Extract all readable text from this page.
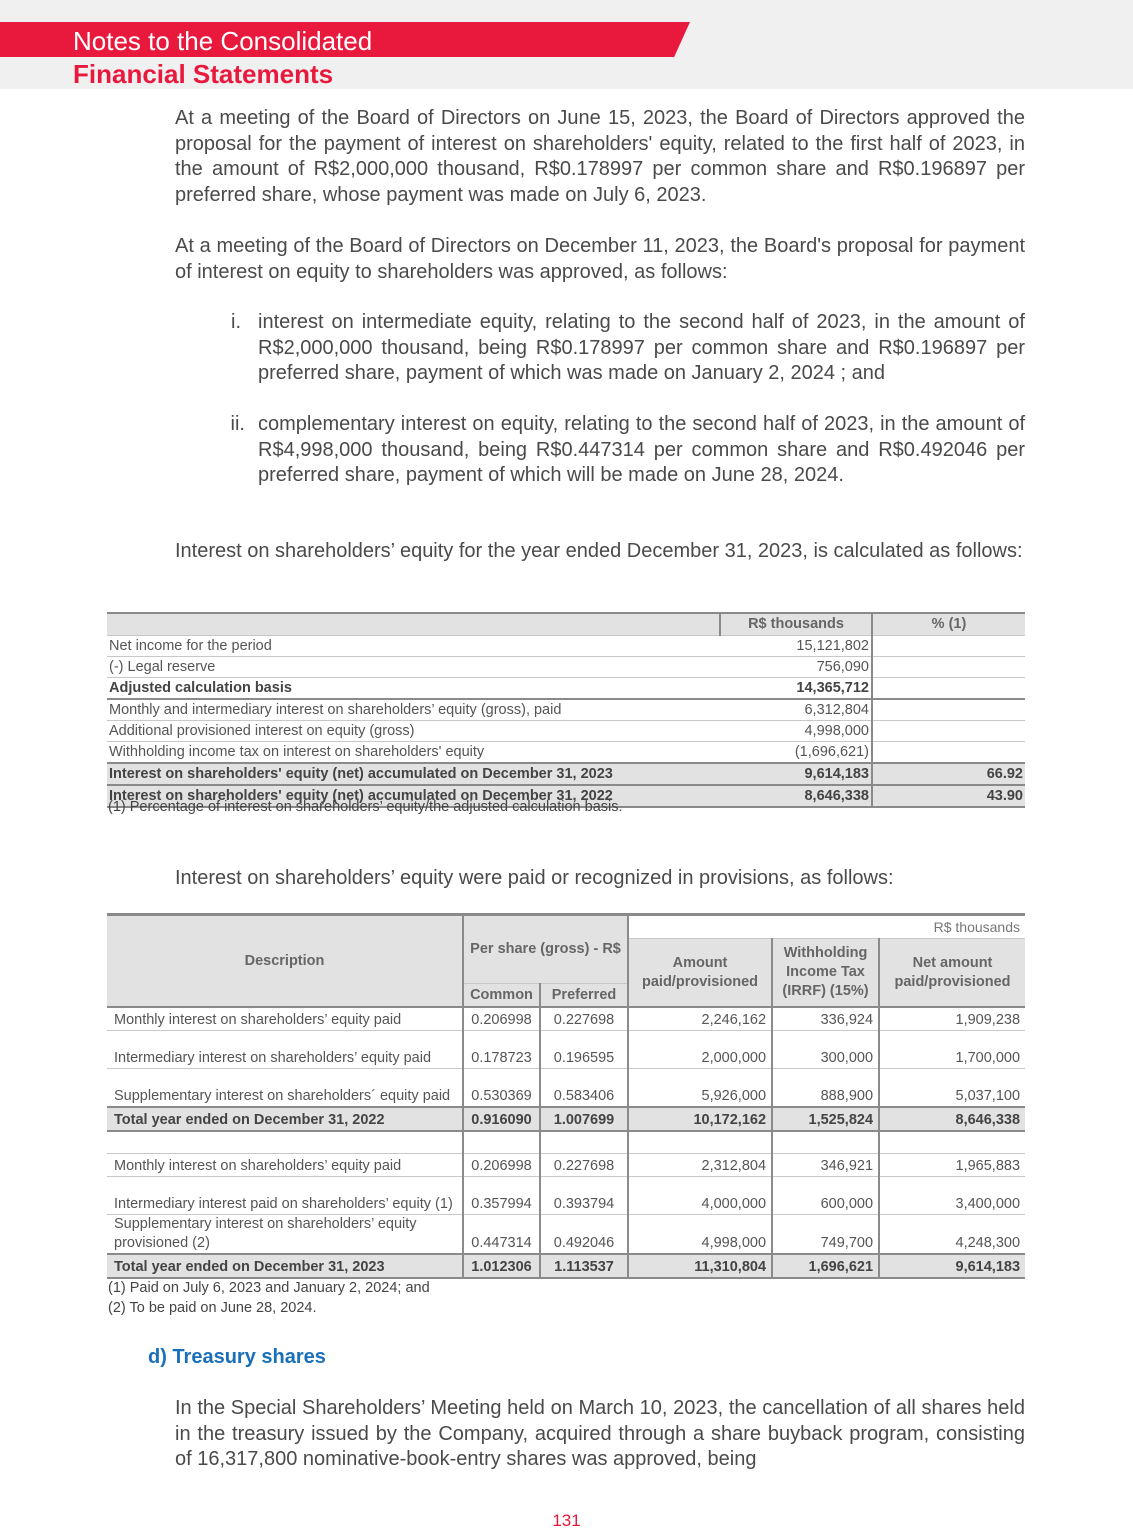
Notes to the Consolidated
Financial Statements

At a meeting of the Board of Directors on June 15, 2023, the Board of Directors approved the proposal for the payment of interest on shareholders' equity, related to the first half of 2023, in the amount of R$2,000,000 thousand, R$0.178997 per common share and R$0.196897 per preferred share, whose payment was made on July 6, 2023.

At a meeting of the Board of Directors on December 11, 2023, the Board's proposal for payment of interest on equity to shareholders was approved, as follows:

i. interest on intermediate equity, relating to the second half of 2023, in the amount of R$2,000,000 thousand, being R$0.178997 per common share and R$0.196897 per preferred share, payment of which was made on January 2, 2024 ; and

ii. complementary interest on equity, relating to the second half of 2023, in the amount of R$4,998,000 thousand, being R$0.447314 per common share and R$0.492046 per preferred share, payment of which will be made on June 28, 2024.

Interest on shareholders’ equity for the year ended December 31, 2023, is calculated as follows:

	R$ thousands	% (1)
Net income for the period	15,121,802	
(-) Legal reserve	756,090	
Adjusted calculation basis	14,365,712	
Monthly and intermediary interest on shareholders’ equity (gross), paid	6,312,804	
Additional provisioned interest on equity (gross)	4,998,000	
Withholding income tax on interest on shareholders' equity	(1,696,621)	
Interest on shareholders' equity (net) accumulated on December 31, 2023	9,614,183	66.92
Interest on shareholders' equity (net) accumulated on December 31, 2022	8,646,338	43.90
(1) Percentage of interest on shareholders’ equity/the adjusted calculation basis.

Interest on shareholders’ equity were paid or recognized in provisions, as follows:

Description	Per share (gross) - R$		R$ thousands		
			Amount paid/provisioned	Withholding Income Tax (IRRF) (15%)	Net amount paid/provisioned
	Common	Preferred			
Monthly interest on shareholders’ equity paid	0.206998	0.227698	2,246,162	336,924	1,909,238
Intermediary interest on shareholders’ equity paid	0.178723	0.196595	2,000,000	300,000	1,700,000
Supplementary interest on shareholders´ equity paid	0.530369	0.583406	5,926,000	888,900	5,037,100
Total year ended on December 31, 2022	0.916090	1.007699	10,172,162	1,525,824	8,646,338

Monthly interest on shareholders’ equity paid	0.206998	0.227698	2,312,804	346,921	1,965,883
Intermediary interest paid on shareholders’ equity (1)	0.357994	0.393794	4,000,000	600,000	3,400,000
Supplementary interest on shareholders’ equity provisioned (2)	0.447314	0.492046	4,998,000	749,700	4,248,300
Total year ended on December 31, 2023	1.012306	1.113537	11,310,804	1,696,621	9,614,183
(1) Paid on July 6, 2023 and January 2, 2024; and
(2) To be paid on June 28, 2024.
d) Treasury shares

In the Special Shareholders’ Meeting held on March 10, 2023, the cancellation of all shares held in the treasury issued by the Company, acquired through a share buyback program, consisting of 16,317,800 nominative-book-entry shares was approved, being

131
